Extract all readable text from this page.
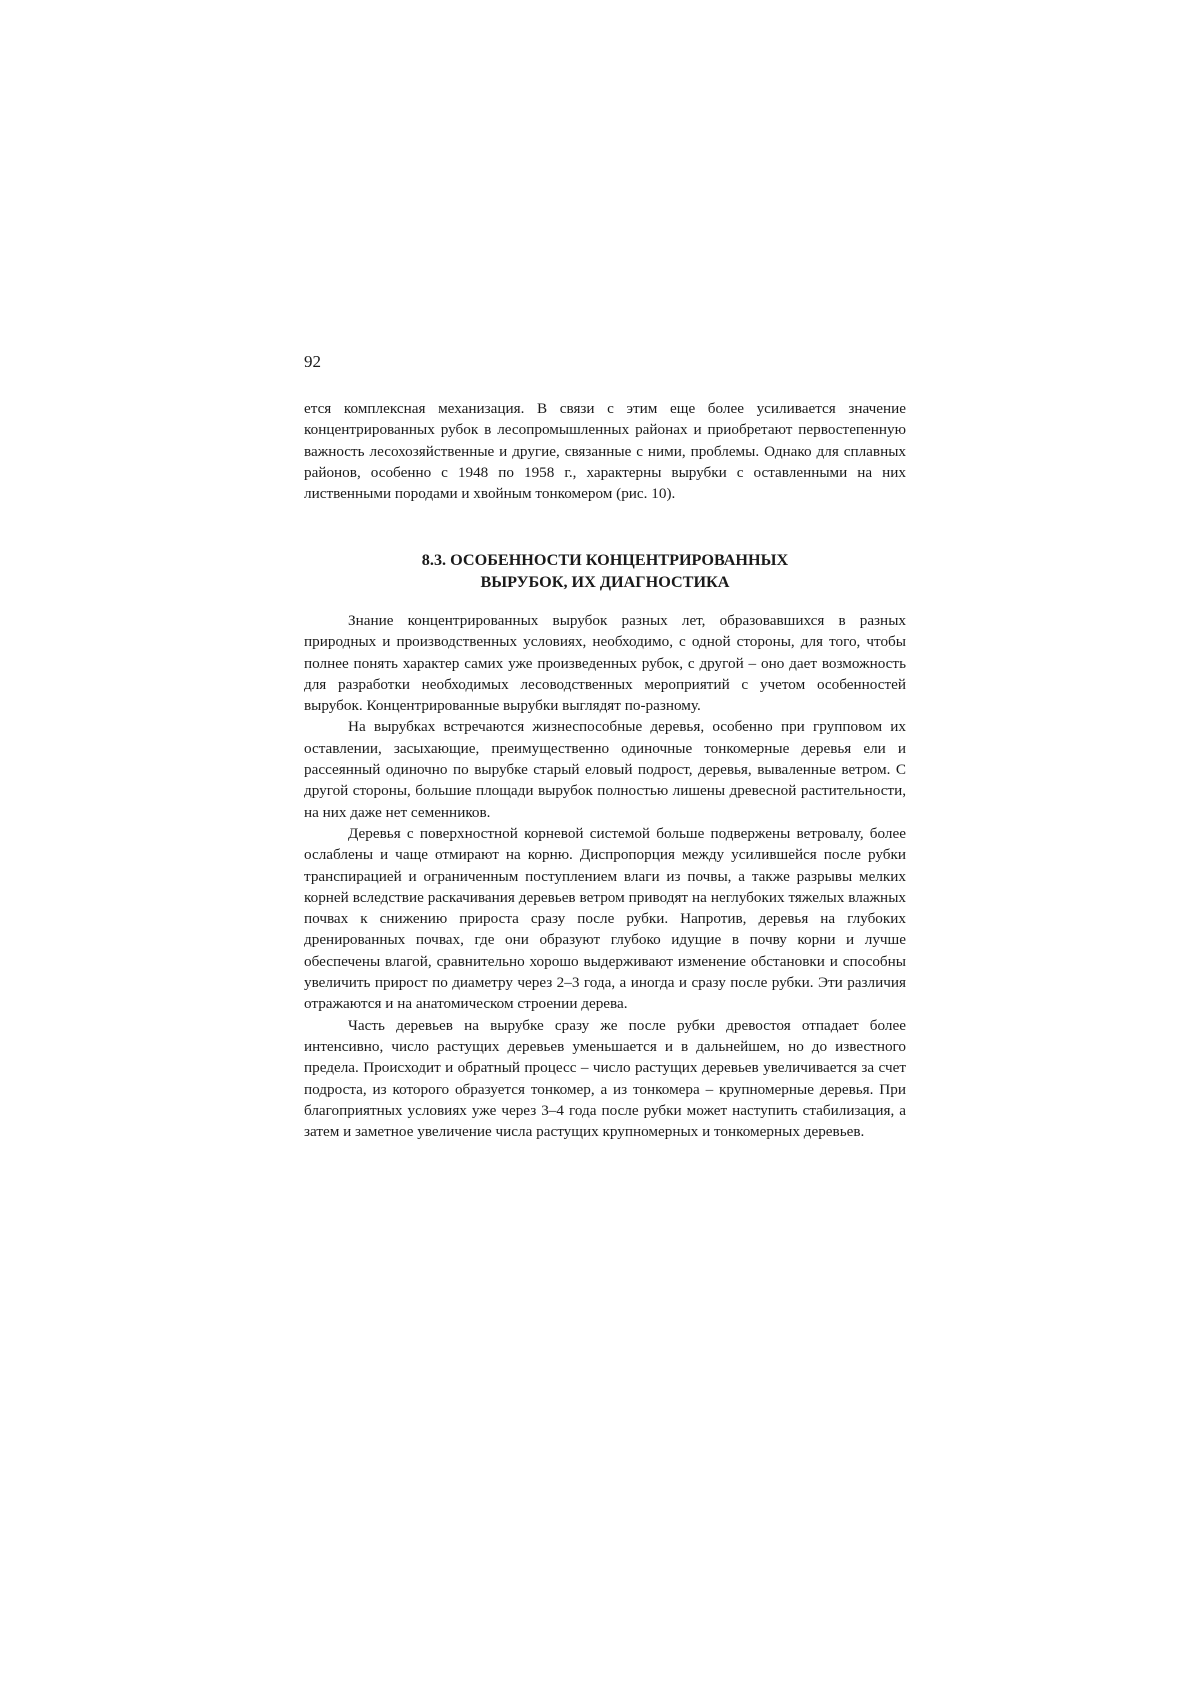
92

ется комплексная механизация. В связи с этим еще более усиливается значение концентрированных рубок в лесопромышленных районах и приобретают первостепенную важность лесохозяйственные и другие, связанные с ними, проблемы. Однако для сплавных районов, особенно с 1948 по 1958 г., характерны вырубки с оставленными на них лиственными породами и хвойным тонкомером (рис. 10).

8.3. ОСОБЕННОСТИ КОНЦЕНТРИРОВАННЫХ
ВЫРУБОК, ИХ ДИАГНОСТИКА

Знание концентрированных вырубок разных лет, образовавшихся в разных природных и производственных условиях, необходимо, с одной стороны, для того, чтобы полнее понять характер самих уже произведенных рубок, с другой – оно дает возможность для разработки необходимых лесоводственных мероприятий с учетом особенностей вырубок. Концентрированные вырубки выглядят по-разному.

На вырубках встречаются жизнеспособные деревья, особенно при групповом их оставлении, засыхающие, преимущественно одиночные тонкомерные деревья ели и рассеянный одиночно по вырубке старый еловый подрост, деревья, вываленные ветром. С другой стороны, большие площади вырубок полностью лишены древесной растительности, на них даже нет семенников.

Деревья с поверхностной корневой системой больше подвержены ветровалу, более ослаблены и чаще отмирают на корню. Диспропорция между усилившейся после рубки транспирацией и ограниченным поступлением влаги из почвы, а также разрывы мелких корней вследствие раскачивания деревьев ветром приводят на неглубоких тяжелых влажных почвах к снижению прироста сразу после рубки. Напротив, деревья на глубоких дренированных почвах, где они образуют глубоко идущие в почву корни и лучше обеспечены влагой, сравнительно хорошо выдерживают изменение обстановки и способны увеличить прирост по диаметру через 2–3 года, а иногда и сразу после рубки. Эти различия отражаются и на анатомическом строении дерева.

Часть деревьев на вырубке сразу же после рубки древостоя отпадает более интенсивно, число растущих деревьев уменьшается и в дальнейшем, но до известного предела. Происходит и обратный процесс – число растущих деревьев увеличивается за счет подроста, из которого образуется тонкомер, а из тонкомера – крупномерные деревья. При благоприятных условиях уже через 3–4 года после рубки может наступить стабилизация, а затем и заметное увеличение числа растущих крупномерных и тонкомерных деревьев.
